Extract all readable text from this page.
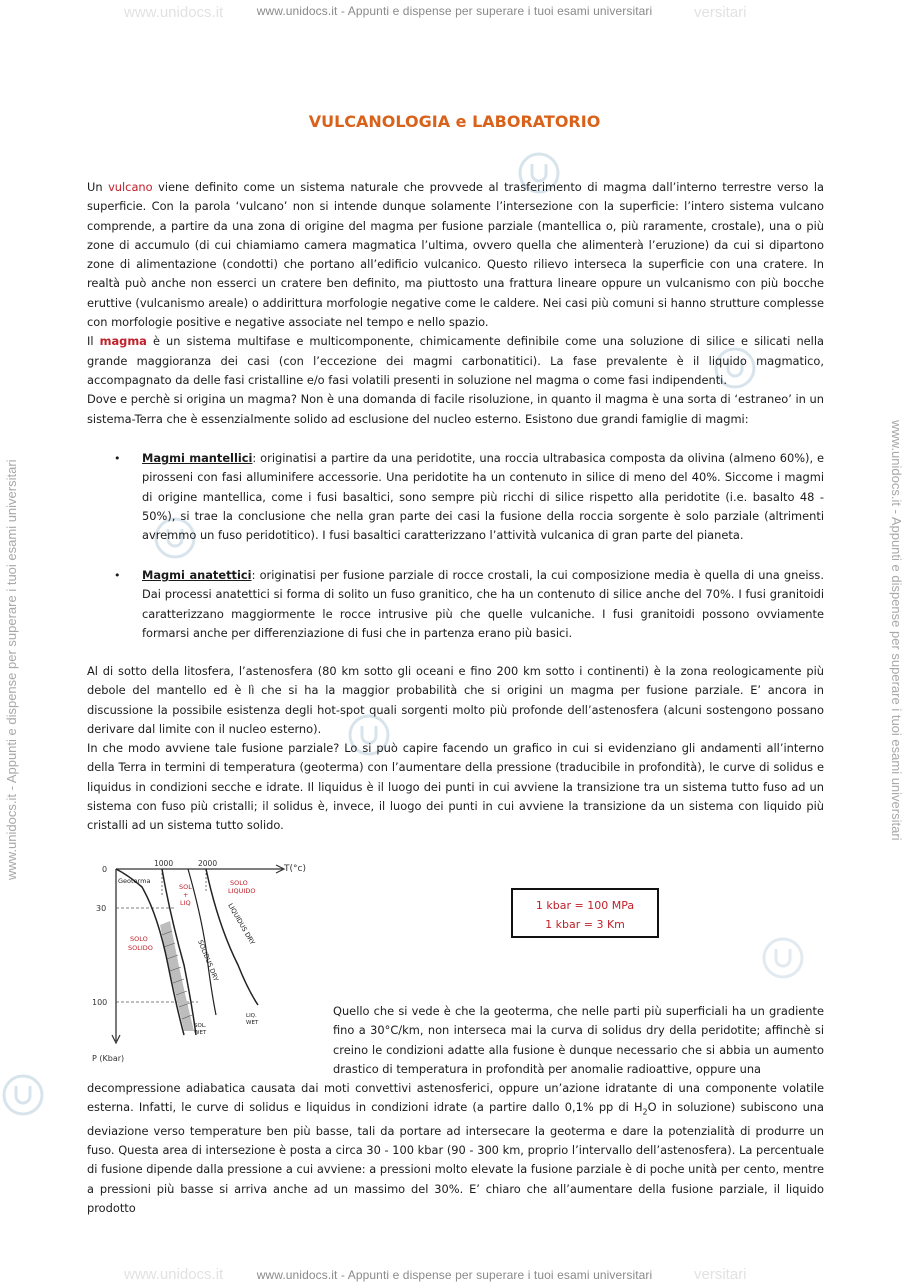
www.unidocs.it	versitari
www.unidocs.it - Appunti e dispense per superare i tuoi esami universitari
www.unidocs.it - Appunti e dispense per superare i tuoi esami universitari	www.unidocs.it - Appunti e dispense per superare i tuoi esami universitari
VULCANOLOGIA e LABORATORIO

Un vulcano viene definito come un sistema naturale che provvede al trasferimento di magma dall’interno terrestre verso la superficie. Con la parola ‘vulcano’ non si intende dunque solamente l’intersezione con la superficie: l’intero sistema vulcano comprende, a partire da una zona di origine del magma per fusione parziale (mantellica o, più raramente, crostale), una o più zone di accumulo (di cui chiamiamo camera magmatica l’ultima, ovvero quella che alimenterà l’eruzione) da cui si dipartono zone di alimentazione (condotti) che portano all’edificio vulcanico. Questo rilievo interseca la superficie con una cratere. In realtà può anche non esserci un cratere ben definito, ma piuttosto una frattura lineare oppure un vulcanismo con più bocche eruttive (vulcanismo areale) o addirittura morfologie negative come le caldere. Nei casi più comuni si hanno strutture complesse con morfologie positive e negative associate nel tempo e nello spazio.

Il magma è un sistema multifase e multicomponente, chimicamente definibile come una soluzione di silice e silicati nella grande maggioranza dei casi (con l’eccezione dei magmi carbonatitici). La fase prevalente è il liquido magmatico, accompagnato da delle fasi cristalline e/o fasi volatili presenti in soluzione nel magma o come fasi indipendenti.

Dove e perchè si origina un magma? Non è una domanda di facile risoluzione, in quanto il magma è una sorta di ‘estraneo’ in un sistema-Terra che è essenzialmente solido ad esclusione del nucleo esterno. Esistono due grandi famiglie di magmi:

• Magmi mantellici: originatisi a partire da una peridotite, una roccia ultrabasica composta da olivina (almeno 60%), e pirosseni con fasi alluminifere accessorie. Una peridotite ha un contenuto in silice di meno del 40%. Siccome i magmi di origine mantellica, come i fusi basaltici, sono sempre più ricchi di silice rispetto alla peridotite (i.e. basalto 48 - 50%), si trae la conclusione che nella gran parte dei casi la fusione della roccia sorgente è solo parziale (altrimenti avremmo un fuso peridotitico). I fusi basaltici caratterizzano l’attività vulcanica di gran parte del pianeta.

• Magmi anatettici: originatisi per fusione parziale di rocce crostali, la cui composizione media è quella di una gneiss. Dai processi anatettici si forma di solito un fuso granitico, che ha un contenuto di silice anche del 70%. I fusi granitoidi caratterizzano maggiormente le rocce intrusive più che quelle vulcaniche. I fusi granitoidi possono ovviamente formarsi anche per differenziazione di fusi che in partenza erano più basici.

Al di sotto della litosfera, l’astenosfera (80 km sotto gli oceani e fino 200 km sotto i continenti) è la zona reologicamente più debole del mantello ed è lì che si ha la maggior probabilità che si origini un magma per fusione parziale. E’ ancora in discussione la possibile esistenza degli hot-spot quali sorgenti molto più profonde dell’astenosfera (alcuni sostengono possano derivare dal limite con il nucleo esterno).

In che modo avviene tale fusione parziale? Lo si può capire facendo un grafico in cui si evidenziano gli andamenti all’interno della Terra in termini di temperatura (geoterma) con l’aumentare della pressione (traducibile in profondità), le curve di solidus e liquidus in condizioni secche e idrate. Il liquidus è il luogo dei punti in cui avviene la transizione tra un sistema tutto fuso ad un sistema con fuso più cristalli; il solidus è, invece, il luogo dei punti in cui avviene la transizione da un sistema con liquido più cristalli ad un sistema tutto solido.

T(°c)
P (Kbar)
0
1000	2000
30
100
Geoterma
SOL
+
LIQ
SOLO
LIQUIDO
SOLO
SOLIDO	SOLIDUS DRY
LIQUIDUS DRY
SOL.
WET
LIQ.
WET
1 kbar = 100 MPa
1 kbar = 3 Km
Quello che si vede è che la geoterma, che nelle parti più superficiali ha un gradiente fino a 30°C/km, non interseca mai la curva di solidus dry della peridotite; affinchè si creino le condizioni adatte alla fusione è dunque necessario che si abbia un aumento drastico di temperatura in profondità per anomalie radioattive, oppure una

decompressione adiabatica causata dai moti convettivi astenosferici, oppure un’azione idratante di una componente volatile esterna. Infatti, le curve di solidus e liquidus in condizioni idrate (a partire dallo 0,1% pp di $H_2O$ in soluzione) subiscono una deviazione verso temperature ben più basse, tali da portare ad intersecare la geoterma e dare la potenzialità di produrre un fuso. Questa area di intersezione è posta a circa 30 - 100 kbar (90 - 300 km, proprio l’intervallo dell’astenosfera). La percentuale di fusione dipende dalla pressione a cui avviene: a pressioni molto elevate la fusione parziale è di poche unità per cento, mentre a pressioni più basse si arriva anche ad un massimo del 30%. E’ chiaro che all’aumentare della fusione parziale, il liquido prodotto

www.unidocs.it	versitari
www.unidocs.it - Appunti e dispense per superare i tuoi esami universitari
